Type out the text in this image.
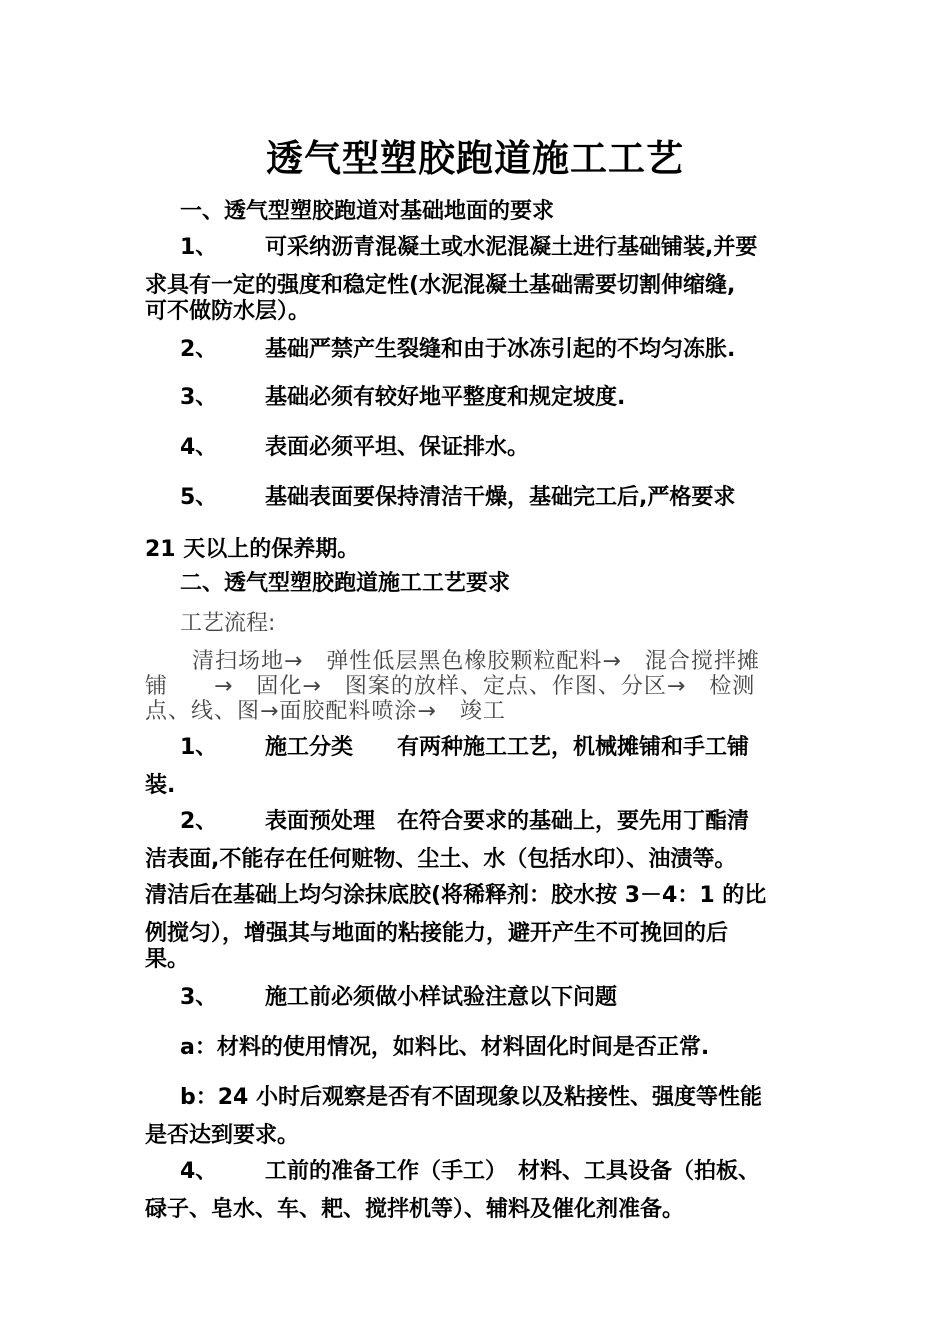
透气型塑胶跑道施工工艺
一、透气型塑胶跑道对基础地面的要求
1、 可采纳沥青混凝土或水泥混凝土进行基础铺装,并要
求具有一定的强度和稳定性(水泥混凝土基础需要切割伸缩缝,
可不做防水层）。
2、 基础严禁产生裂缝和由于冰冻引起的不均匀冻胀.
3、 基础必须有较好地平整度和规定坡度.
4、 表面必须平坦、保证排水。
5、 基础表面要保持清洁干燥，基础完工后,严格要求
21 天以上的保养期。
二、透气型塑胶跑道施工工艺要求
工艺流程:
清扫场地→　弹性低层黑色橡胶颗粒配料→　混合搅拌摊
铺　　→　固化→　图案的放样、定点、作图、分区→　检测
点、线、图→面胶配料喷涂→　竣工
1、 施工分类　　有两种施工工艺，机械摊铺和手工铺
装.
2、 表面预处理　在符合要求的基础上，要先用丁酯清
洁表面,不能存在任何赃物、尘土、水（包括水印）、油渍等。
清洁后在基础上均匀涂抹底胶(将稀释剂：胶水按 3－4：1 的比
例搅匀），增强其与地面的粘接能力，避开产生不可挽回的后
果。
3、 施工前必须做小样试验注意以下问题
a：材料的使用情况，如料比、材料固化时间是否正常.
b：24 小时后观察是否有不固现象以及粘接性、强度等性能
是否达到要求。
4、 工前的准备工作（手工）　材料、工具设备（拍板、
碌子、皂水、车、耙、搅拌机等）、辅料及催化剂准备。
